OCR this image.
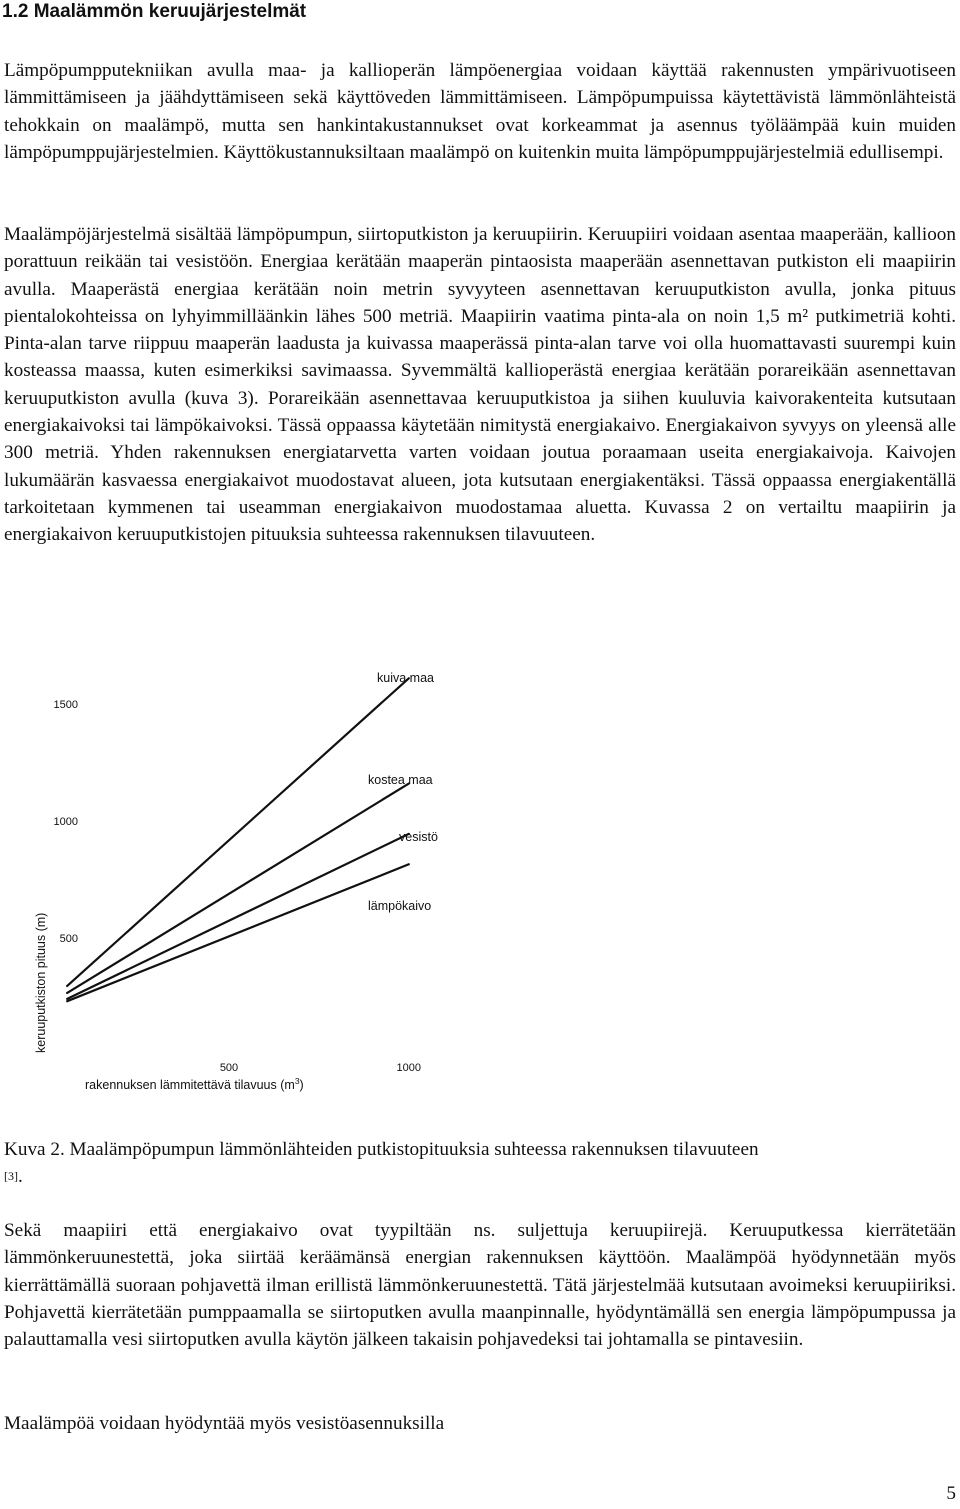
1.2 Maalämmön keruujärjestelmät

Lämpöpumpputekniikan avulla maa- ja kallioperän lämpöenergiaa voidaan käyttää rakennusten ympärivuotiseen lämmittämiseen ja jäähdyttämiseen sekä käyttöveden lämmittämiseen. Lämpöpumpuissa käytettävistä lämmönlähteistä tehokkain on maalämpö, mutta sen hankintakustannukset ovat korkeammat ja asennus työläämpää kuin muiden lämpöpumppujärjestelmien. Käyttökustannuksiltaan maalämpö on kuitenkin muita lämpöpumppujärjestelmiä edullisempi.

Maalämpöjärjestelmä sisältää lämpöpumpun, siirtoputkiston ja keruupiirin. Keruupiiri voidaan asentaa maaperään, kallioon porattuun reikään tai vesistöön. Energiaa kerätään maaperän pintaosista maaperään asennettavan putkiston eli maapiirin avulla. Maaperästä energiaa kerätään noin metrin syvyyteen asennettavan keruuputkiston avulla, jonka pituus pientalokohteissa on lyhyimmilläänkin lähes 500 metriä. Maapiirin vaatima pinta-ala on noin 1,5 m² putkimetriä kohti. Pinta-alan tarve riippuu maaperän laadusta ja kuivassa maaperässä pinta-alan tarve voi olla huomattavasti suurempi kuin kosteassa maassa, kuten esimerkiksi savimaassa. Syvemmältä kallioperästä energiaa kerätään porareikään asennettavan keruuputkiston avulla (kuva 3). Porareikään asennettavaa keruuputkistoa ja siihen kuuluvia kaivorakenteita kutsutaan energiakaivoksi tai lämpökaivoksi. Tässä oppaassa käytetään nimitystä energiakaivo. Energiakaivon syvyys on yleensä alle 300 metriä. Yhden rakennuksen energiatarvetta varten voidaan joutua poraamaan useita energiakaivoja. Kaivojen lukumäärän kasvaessa energiakaivot muodostavat alueen, jota kutsutaan energiakentäksi. Tässä oppaassa energiakentällä tarkoitetaan kymmenen tai useamman energiakaivon muodostamaa aluetta. Kuvassa 2 on vertailtu maapiirin ja energiakaivon keruuputkistojen pituuksia suhteessa rakennuksen tilavuuteen.

500
1000
1500
500	1000
rakennuksen lämmitettävä tilavuus $(m^3)$
keruuputkiston pituus (m)
kuiva maa
kostea maa
vesistö
lämpökaivo

Kuva 2. Maalämpöpumpun lämmönlähteiden putkistopituuksia suhteessa rakennuksen tilavuuteen
[3].

Sekä maapiiri että energiakaivo ovat tyypiltään ns. suljettuja keruupiirejä. Keruuputkessa kierrätetään lämmönkeruunestettä, joka siirtää keräämänsä energian rakennuksen käyttöön. Maalämpöä hyödynnetään myös kierrättämällä suoraan pohjavettä ilman erillistä lämmönkeruunestettä. Tätä järjestelmää kutsutaan avoimeksi keruupiiriksi. Pohjavettä kierrätetään pumppaamalla se siirtoputken avulla maanpinnalle, hyödyntämällä sen energia lämpöpumpussa ja palauttamalla vesi siirtoputken avulla käytön jälkeen takaisin pohjavedeksi tai johtamalla se pintavesiin.

Maalämpöä voidaan hyödyntää myös vesistöasennuksilla

5
